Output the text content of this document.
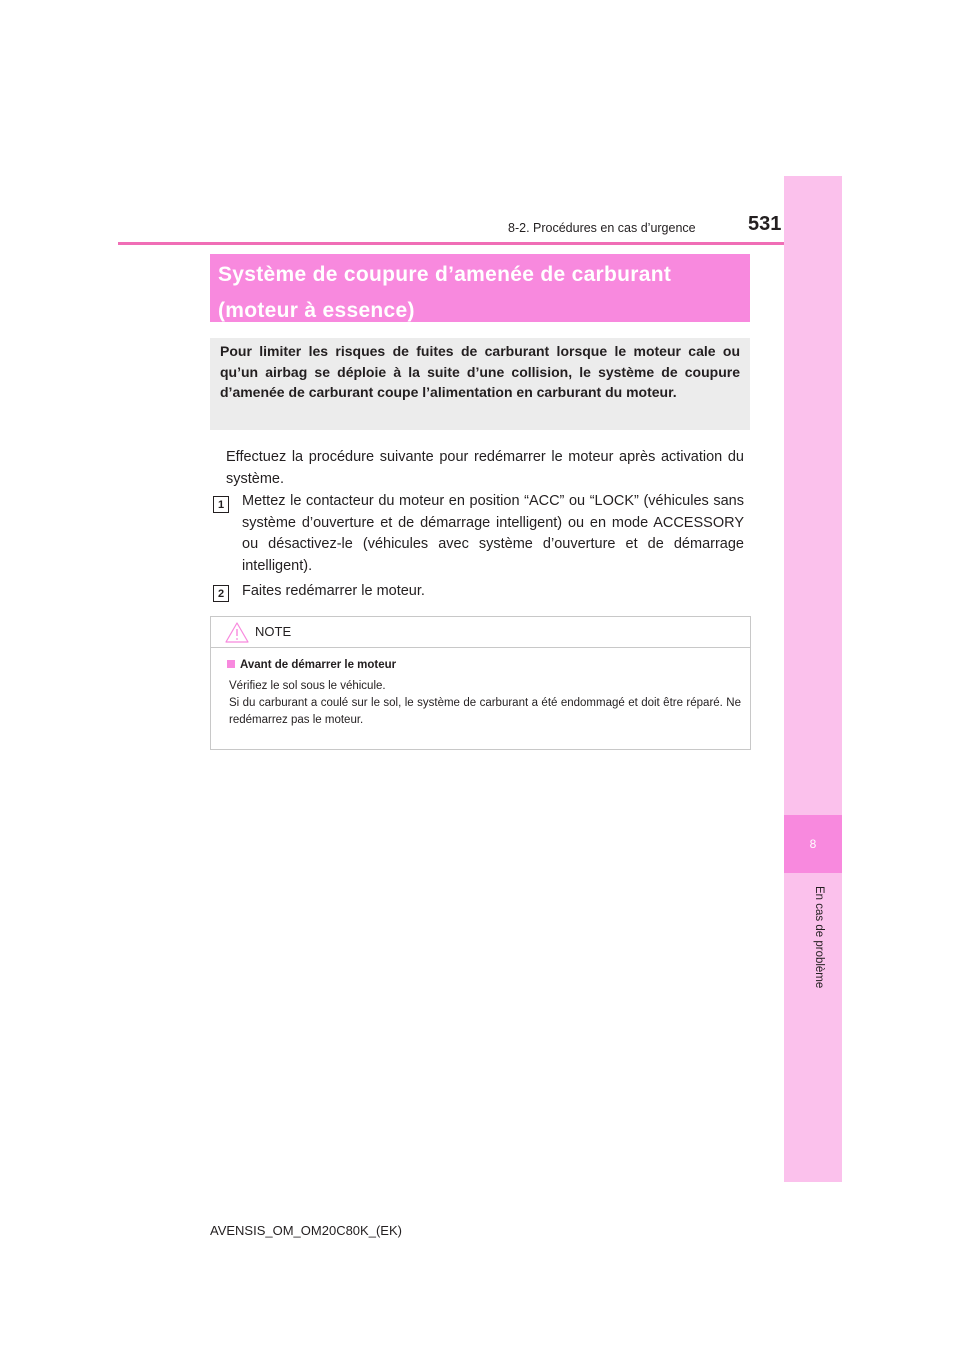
8-2. Procédures en cas d’urgence	531
8
En cas de problème
Système de coupure d’amenée de carburant
(moteur à essence)

Pour limiter les risques de fuites de carburant lorsque le moteur cale ou qu’un airbag se déploie à la suite d’une collision, le système de coupure d’amenée de carburant coupe l’alimentation en carburant du moteur.

Effectuez la procédure suivante pour redémarrer le moteur après activation du système.
1	Mettez le contacteur du moteur en position “ACC” ou “LOCK” (véhicules sans système d’ouverture et de démarrage intelligent) ou en mode ACCESSORY ou désactivez-le (véhicules avec système d’ouverture et de démarrage intelligent).
2	Faites redémarrer le moteur.
NOTE
Avant de démarrer le moteur
Vérifiez le sol sous le véhicule.
Si du carburant a coulé sur le sol, le système de carburant a été endommagé et doit être réparé. Ne redémarrez pas le moteur.
AVENSIS_OM_OM20C80K_(EK)
